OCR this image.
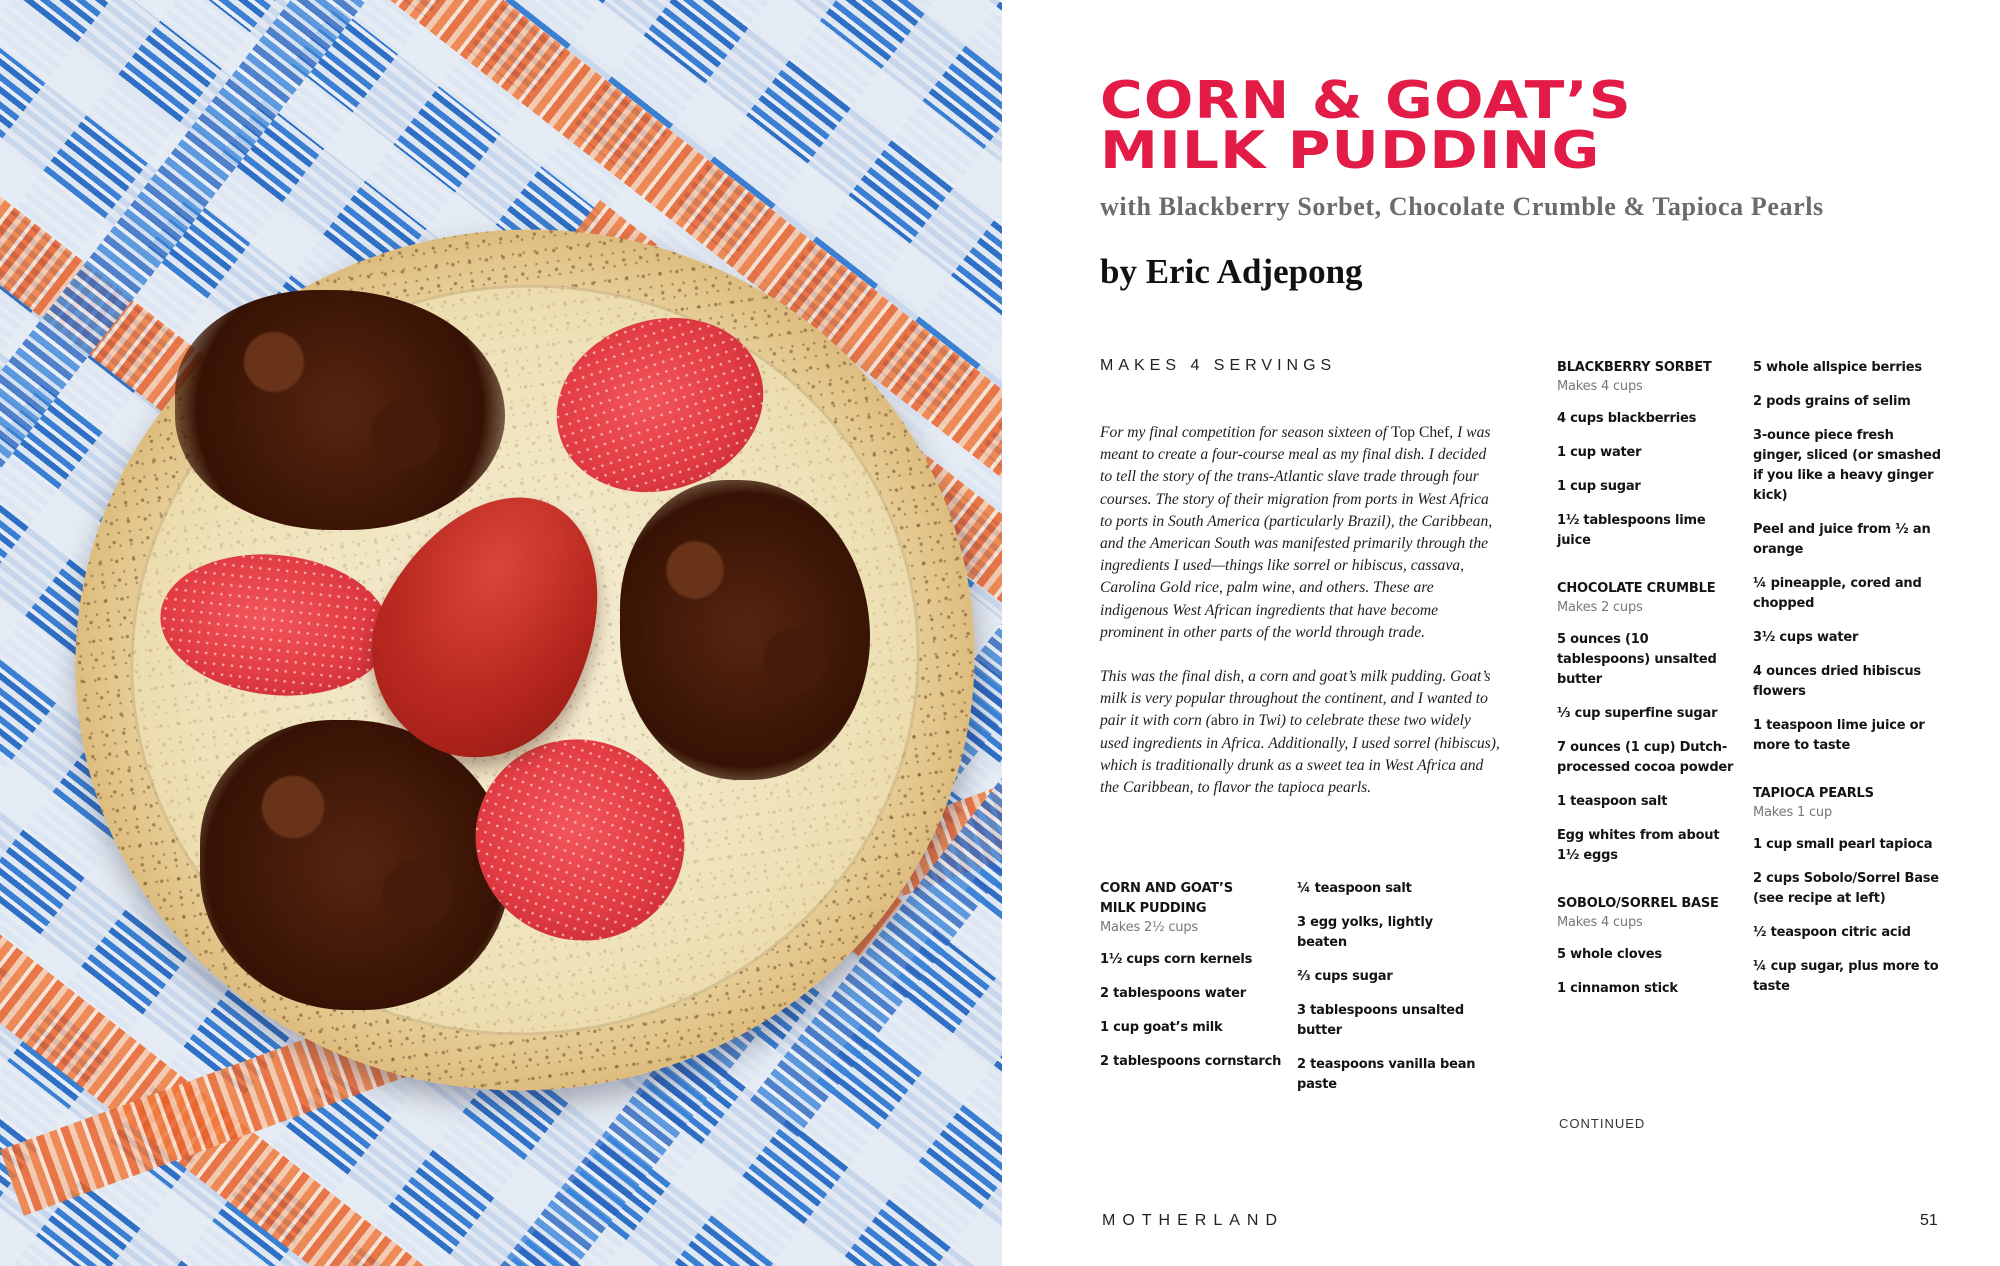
CORN & GOAT’S
MILK PUDDING
with Blackberry Sorbet, Chocolate Crumble & Tapioca Pearls
by Eric Adjepong
MAKES 4 SERVINGS

For my final competition for season sixteen of Top Chef, I was meant to create a four-course meal as my final dish. I decided to tell the story of the trans-Atlantic slave trade through four courses. The story of their migration from ports in West Africa to ports in South America (particularly Brazil), the Caribbean, and the American South was manifested primarily through the ingredients I used—things like sorrel or hibiscus, cassava, Carolina Gold rice, palm wine, and others. These are indigenous West African ingredients that have become prominent in other parts of the world through trade.

This was the final dish, a corn and goat’s milk pudding. Goat’s milk is very popular throughout the continent, and I wanted to pair it with corn (abro in Twi) to celebrate these two widely used ingredients in Africa. Additionally, I used sorrel (hibiscus), which is traditionally drunk as a sweet tea in West Africa and the Caribbean, to flavor the tapioca pearls.

CORN AND GOAT’S
MILK PUDDING
Makes 2½ cups
1½ cups corn kernels
2 tablespoons water
1 cup goat’s milk
2 tablespoons cornstarch
¼ teaspoon salt
3 egg yolks, lightly beaten
⅔ cups sugar
3 tablespoons unsalted butter
2 teaspoons vanilla bean paste
BLACKBERRY SORBET
Makes 4 cups
4 cups blackberries
1 cup water
1 cup sugar
1½ tablespoons lime juice
CHOCOLATE CRUMBLE
Makes 2 cups
5 ounces (10 tablespoons) unsalted butter
⅓ cup superfine sugar
7 ounces (1 cup) Dutch-processed cocoa powder
1 teaspoon salt
Egg whites from about 1½ eggs
SOBOLO/SORREL BASE
Makes 4 cups
5 whole cloves
1 cinnamon stick
5 whole allspice berries
2 pods grains of selim
3-ounce piece fresh ginger, sliced (or smashed if you like a heavy ginger kick)
Peel and juice from ½ an orange
¼ pineapple, cored and chopped
3½ cups water
4 ounces dried hibiscus flowers
1 teaspoon lime juice or more to taste
TAPIOCA PEARLS
Makes 1 cup
1 cup small pearl tapioca
2 cups Sobolo/Sorrel Base (see recipe at left)
½ teaspoon citric acid
¼ cup sugar, plus more to taste
CONTINUED
MOTHERLAND	51
